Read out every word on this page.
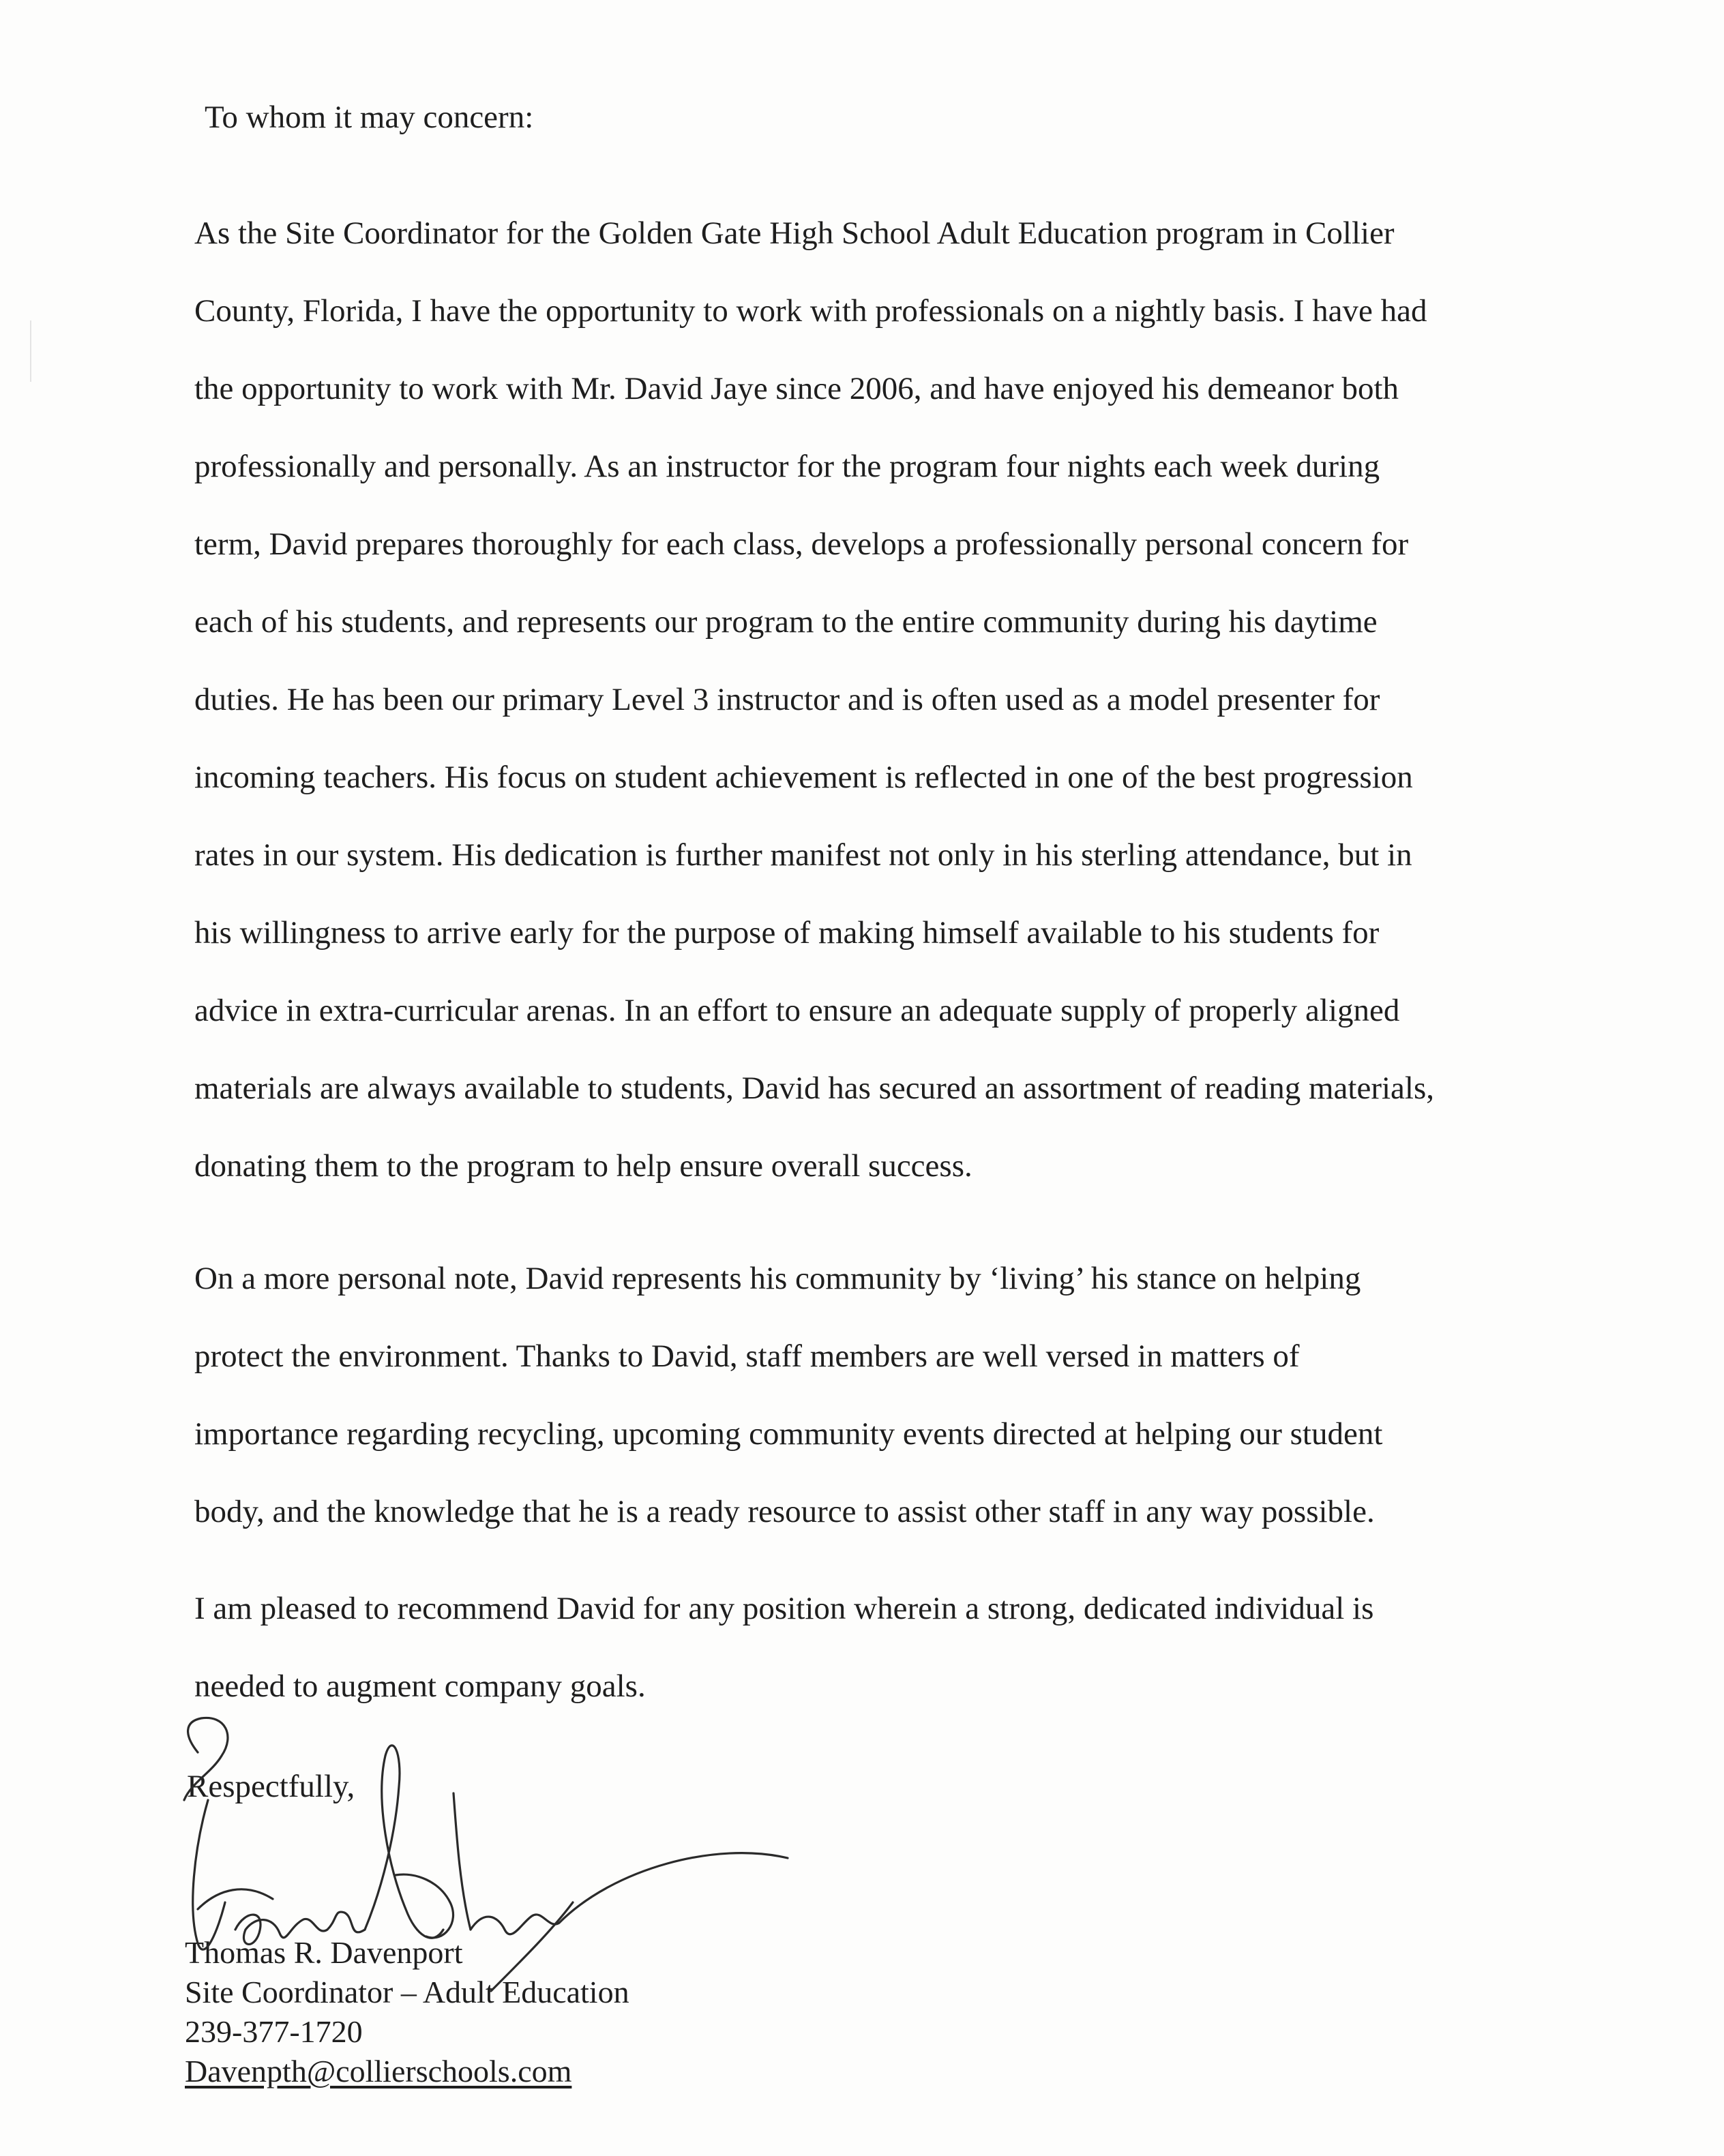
To whom it may concern:

As the Site Coordinator for the Golden Gate High School Adult Education program in Collier
County, Florida, I have the opportunity to work with professionals on a nightly basis. I have had
the opportunity to work with Mr. David Jaye since 2006, and have enjoyed his demeanor both
professionally and personally. As an instructor for the program four nights each week during
term, David prepares thoroughly for each class, develops a professionally personal concern for
each of his students, and represents our program to the entire community during his daytime
duties. He has been our primary Level 3 instructor and is often used as a model presenter for
incoming teachers. His focus on student achievement is reflected in one of the best progression
rates in our system. His dedication is further manifest not only in his sterling attendance, but in
his willingness to arrive early for the purpose of making himself available to his students for
advice in extra-curricular arenas. In an effort to ensure an adequate supply of properly aligned
materials are always available to students, David has secured an assortment of reading materials,
donating them to the program to help ensure overall success.
On a more personal note, David represents his community by ‘living’ his stance on helping
protect the environment. Thanks to David, staff members are well versed in matters of
importance regarding recycling, upcoming community events directed at helping our student
body, and the knowledge that he is a ready resource to assist other staff in any way possible.
I am pleased to recommend David for any position wherein a strong, dedicated individual is
needed to augment company goals.

Respectfully,

Thomas R. Davenport
Site Coordinator – Adult Education
239-377-1720
Davenpth@collierschools.com
